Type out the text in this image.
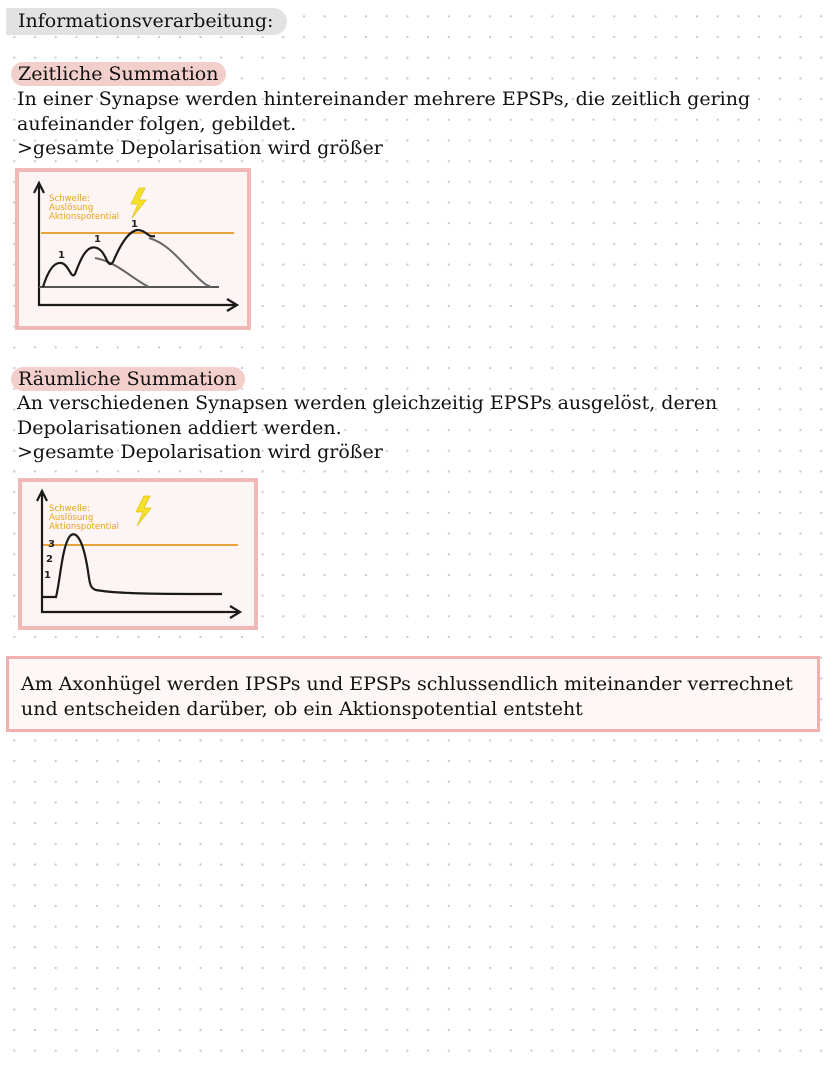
Informationsverarbeitung:
Zeitliche Summation
In einer Synapse werden hintereinander mehrere EPSPs, die zeitlich gering
aufeinander folgen, gebildet.
>gesamte Depolarisation wird größer
1
1
1
Schwelle:
Auslösung
Aktionspotential
Räumliche Summation
An verschiedenen Synapsen werden gleichzeitig EPSPs ausgelöst, deren
Depolarisationen addiert werden.
>gesamte Depolarisation wird größer
3
2
1
Schwelle:
Auslösung
Aktionspotential
Am Axonhügel werden IPSPs und EPSPs schlussendlich miteinander verrechnet
und entscheiden darüber, ob ein Aktionspotential entsteht
